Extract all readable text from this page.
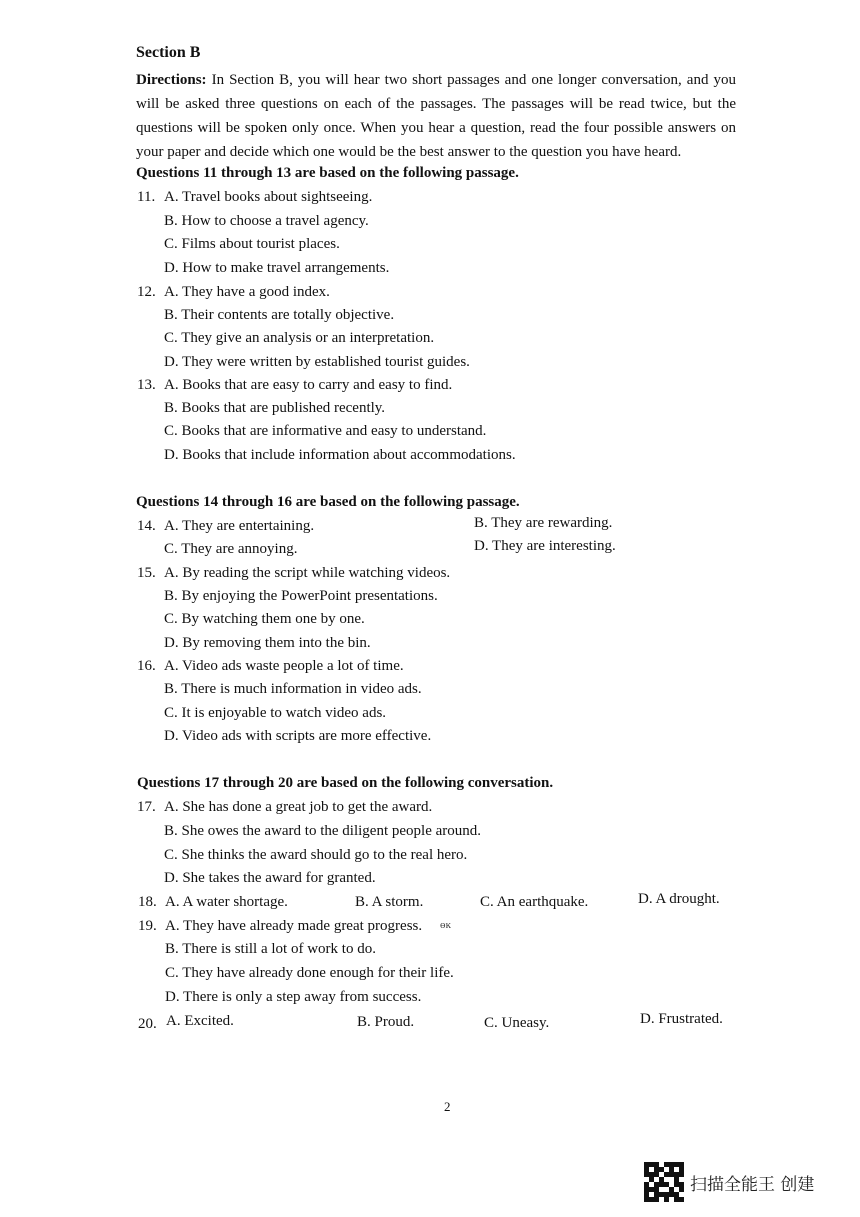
Section B
Directions: In Section B, you will hear two short passages and one longer conversation, and you will be asked three questions on each of the passages. The passages will be read twice, but the questions will be spoken only once. When you hear a question, read the four possible answers on your paper and decide which one would be the best answer to the question you have heard.
Questions 11 through 13 are based on the following passage.
11. A. Travel books about sightseeing.
B. How to choose a travel agency.
C. Films about tourist places.
D. How to make travel arrangements.
12. A. They have a good index.
B. Their contents are totally objective.
C. They give an analysis or an interpretation.
D. They were written by established tourist guides.
13. A. Books that are easy to carry and easy to find.
B. Books that are published recently.
C. Books that are informative and easy to understand.
D. Books that include information about accommodations.
Questions 14 through 16 are based on the following passage.
14. A. They are entertaining.	B. They are rewarding.
C. They are annoying.	D. They are interesting.
15. A. By reading the script while watching videos.
B. By enjoying the PowerPoint presentations.
C. By watching them one by one.
D. By removing them into the bin.
16. A. Video ads waste people a lot of time.
B. There is much information in video ads.
C. It is enjoyable to watch video ads.
D. Video ads with scripts are more effective.
Questions 17 through 20 are based on the following conversation.
17. A. She has done a great job to get the award.
B. She owes the award to the diligent people around.
C. She thinks the award should go to the real hero.
D. She takes the award for granted.
18. A. A water shortage.	B. A storm.	C. An earthquake.	D. A drought.
19. A. They have already made great progress. ɵĸ
B. There is still a lot of work to do.
C. They have already done enough for their life.
D. There is only a step away from success.
20. A. Excited.	B. Proud.	C. Uneasy.	D. Frustrated.
2
扫描全能王 创建
